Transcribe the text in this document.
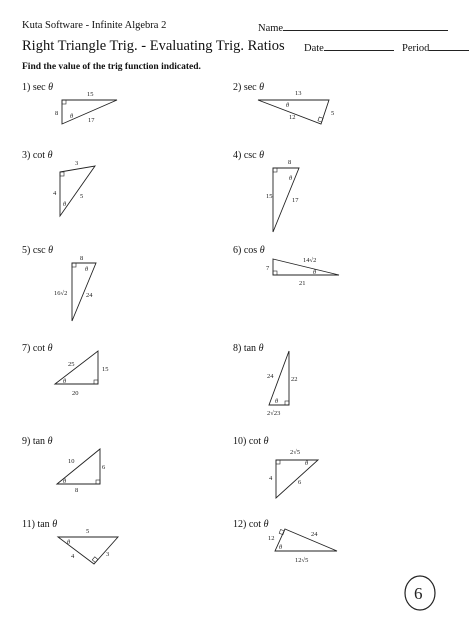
Kuta Software - Infinite Algebra 2	Name
Right Triangle Trig. - Evaluating Trig. Ratios Date	Period
Find the value of the trig function indicated.
1) sec θ
15
8
17
θ
2) sec θ
13
12
5
θ
3) cot θ
3
4	5
θ
4) csc θ
8
15
17
θ
5) csc θ
8
16√2	24
θ
6) cos θ
14√2
7
21
θ
7) cot θ
25
15
20
θ
8) tan θ
24	22
2√23
θ
9) tan θ
10
6
8
θ
10) cot θ
2√5
4
6
θ
11) tan θ
5
4	3
θ
12) cot θ
24
12
12√5
θ
6
